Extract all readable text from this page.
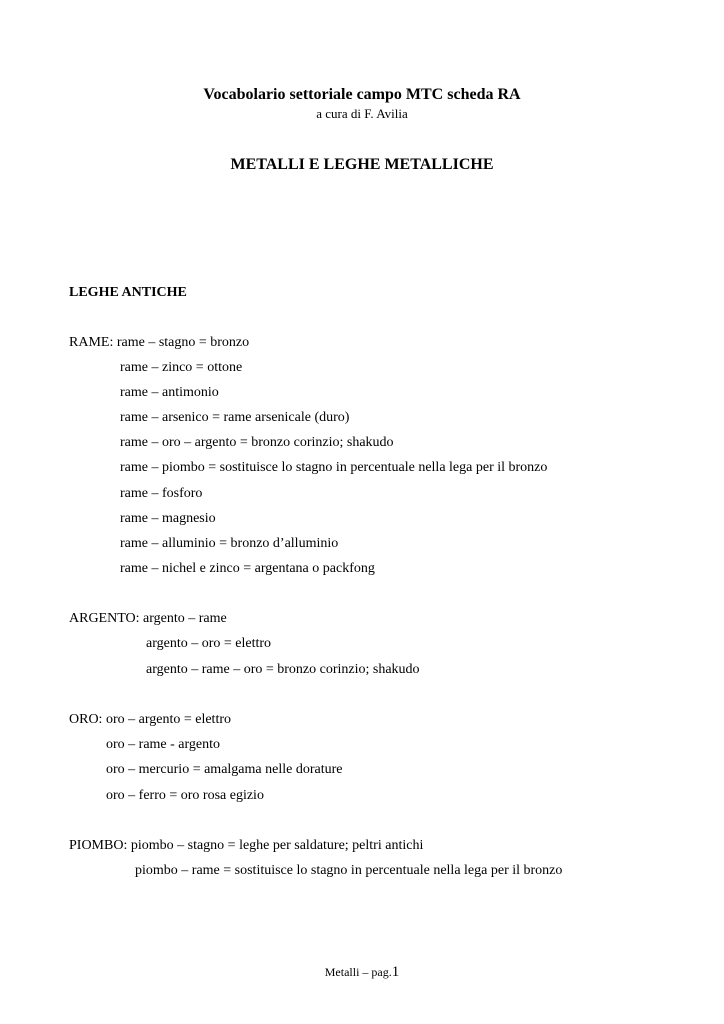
Vocabolario settoriale campo MTC scheda RA
a cura di F. Avilia
METALLI E LEGHE METALLICHE
LEGHE ANTICHE
RAME: rame – stagno = bronzo
rame – zinco = ottone
rame – antimonio
rame – arsenico = rame arsenicale (duro)
rame – oro – argento = bronzo corinzio; shakudo
rame – piombo = sostituisce lo stagno in percentuale nella lega per il bronzo
rame – fosforo
rame – magnesio
rame – alluminio = bronzo d’alluminio
rame – nichel e zinco = argentana o packfong
ARGENTO: argento – rame
argento – oro = elettro
argento – rame – oro = bronzo corinzio; shakudo
ORO: oro – argento = elettro
oro – rame - argento
oro – mercurio = amalgama nelle dorature
oro – ferro = oro rosa egizio
PIOMBO: piombo – stagno = leghe per saldature; peltri antichi
piombo – rame = sostituisce lo stagno in percentuale nella lega per il bronzo
Metalli – pag.1
